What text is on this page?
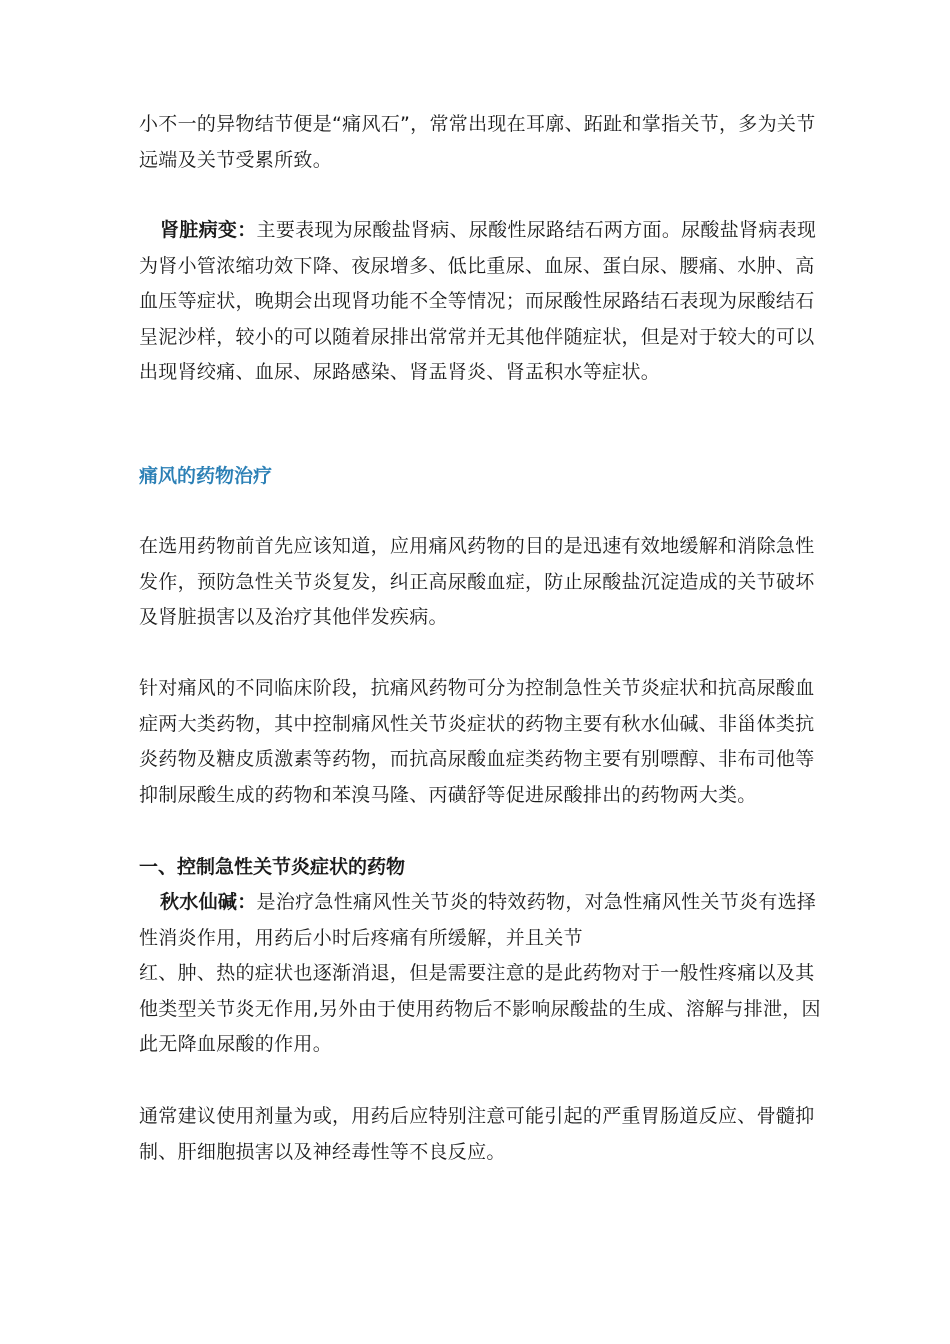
小不一的异物结节便是“痛风石”，常常出现在耳廓、跖趾和掌指关节，多为关节远端及关节受累所致。

肾脏病变：主要表现为尿酸盐肾病、尿酸性尿路结石两方面。尿酸盐肾病表现为肾小管浓缩功效下降、夜尿增多、低比重尿、血尿、蛋白尿、腰痛、水肿、高血压等症状，晚期会出现肾功能不全等情况；而尿酸性尿路结石表现为尿酸结石呈泥沙样，较小的可以随着尿排出常常并无其他伴随症状，但是对于较大的可以出现肾绞痛、血尿、尿路感染、肾盂肾炎、肾盂积水等症状。

痛风的药物治疗

在选用药物前首先应该知道，应用痛风药物的目的是迅速有效地缓解和消除急性发作，预防急性关节炎复发，纠正高尿酸血症，防止尿酸盐沉淀造成的关节破坏及肾脏损害以及治疗其他伴发疾病。

针对痛风的不同临床阶段，抗痛风药物可分为控制急性关节炎症状和抗高尿酸血症两大类药物，其中控制痛风性关节炎症状的药物主要有秋水仙碱、非甾体类抗炎药物及糖皮质激素等药物，而抗高尿酸血症类药物主要有别嘌醇、非布司他等抑制尿酸生成的药物和苯溴马隆、丙磺舒等促进尿酸排出的药物两大类。

一、控制急性关节炎症状的药物

秋水仙碱：是治疗急性痛风性关节炎的特效药物，对急性痛风性关节炎有选择性消炎作用，用药后小时后疼痛有所缓解，并且关节
红、肿、热的症状也逐渐消退，但是需要注意的是此药物对于一般性疼痛以及其他类型关节炎无作用,另外由于使用药物后不影响尿酸盐的生成、溶解与排泄，因此无降血尿酸的作用。

通常建议使用剂量为或，用药后应特别注意可能引起的严重胃肠道反应、骨髓抑制、肝细胞损害以及神经毒性等不良反应。
